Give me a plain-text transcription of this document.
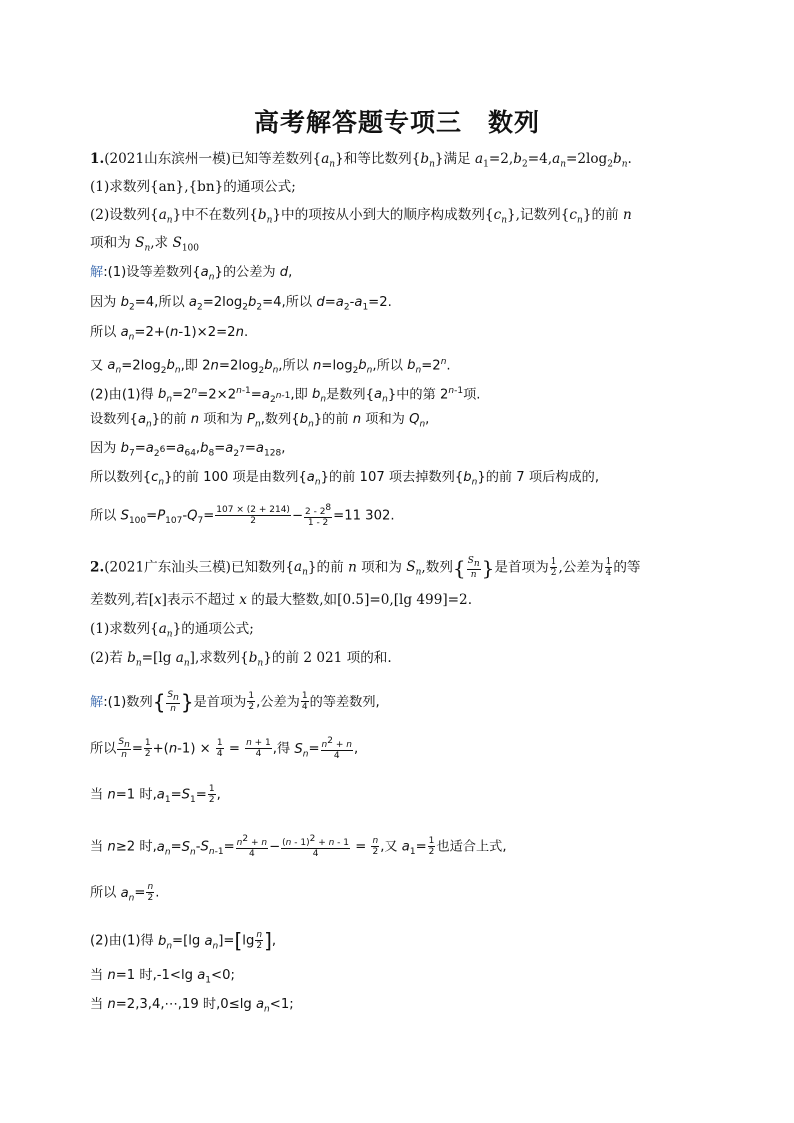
高考解答题专项三　数列
1.(2021山东滨州一模)已知等差数列$\{a_n\}$和等比数列$\{b_n\}$满足 $a_1=2,b_2=4,a_n=2\log_2b_n$.
(1)求数列{an},{bn}的通项公式;
(2)设数列$\{a_n\}$中不在数列$\{b_n\}$中的项按从小到大的顺序构成数列$\{c_n\}$,记数列$\{c_n\}$的前 n
项和为 $S_n$,求 $S_{100}$
解:(1)设等差数列$\{a_n\}$的公差为 d,
因为 $b_2=4$,所以 $a_2=2\log_2b_2=4$,所以 $d=a_2-a_1=2$.
所以 $a_n=2+(n-1)\times 2=2n$.
又 $a_n=2\log_2b_n$,即 $2n=2\log_2b_n$,所以 $n=\log_2b_n$,所以 $b_n=2^n$.
(2)由(1)得 $b_n=2^n=2\times 2^{n-1}=a_{2^{n-1}}$,即 $b_n$是数列$\{a_n\}$中的第 2$^{n-1}$项.
设数列$\{a_n\}$的前 n 项和为 $P_n$,数列$\{b_n\}$的前 n 项和为 $Q_n$,
因为 $b_7=a_{2^6}=a_{64},b_8=a_{2^7}=a_{128}$,
所以数列$\{c_n\}$的前 100 项是由数列$\{a_n\}$的前 107 项去掉数列$\{b_n\}$的前 7 项后构成的,
所以 $S_{100}=P_{107}-Q_7= \frac{107 \times (2 + 214)}{2} - \frac{2 - 2^8}{1 - 2} =11$ 302.
2.(2021广东汕头三模)已知数列$\{a_n\}$的前 n 项和为 $S_n$,数列{ $\frac{S_n}{n}$ }是首项为 $\frac{1}{2}$ ,公差为 $\frac{1}{4}$ 的等
差数列,若[x]表示不超过 x 的最大整数,如[0.5]=0,[lg 499]=2.
(1)求数列$\{a_n\}$的通项公式;
(2)若 $b_n=[\lg$ $a_n$],求数列$\{b_n\}$的前 2 021 项的和.
解:(1)数列{ $\frac{S_n}{n}$ }是首项为 $\frac{1}{2}$ ,公差为 $\frac{1}{4}$ 的等差数列,
所以 $\frac{S_n}{n} = \frac{1}{2} +(n-1) \times \frac{1}{4} = \frac{n + 1}{4}$ ,得 $S_n= \frac{n^2 + n}{4}$ ,
当 n=1 时$,a_1=S_1= \frac{1}{2}$ ,
当 n≥2 时$,a_n=S_n-S_{n-1}= \frac{n^2 + n}{4} - \frac{(n - 1)^2 + n - 1}{4} = \frac{n}{2}$ ,又 $a_1= \frac{1}{2}$ 也适合上式,
所以 $a_n= \frac{n}{2}$ .
(2)由(1)得 $b_n=[\lg$ $a_n]=[\lg \frac{n}{2}$ ],
当 n=1 时,-1<lg $a_1<0$;
当 n=2,3,4,⋯,19 时,0≤lg $a_n<1$;
